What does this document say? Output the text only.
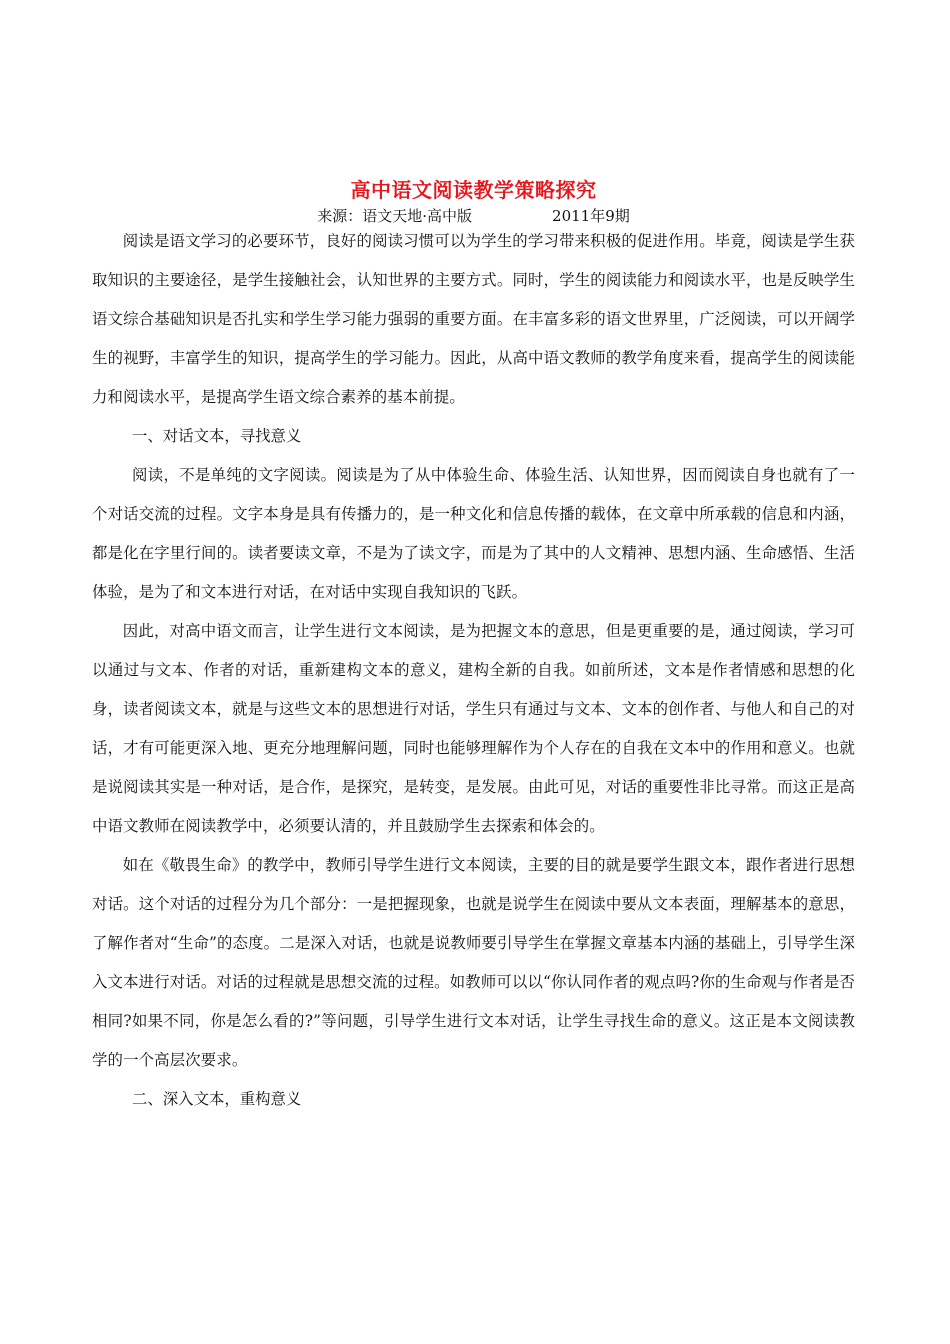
高中语文阅读教学策略探究

来源：语文天地·高中版	2011年9期

阅读是语文学习的必要环节，良好的阅读习惯可以为学生的学习带来积极的促进作用。毕竟，阅读是学生获取知识的主要途径，是学生接触社会，认知世界的主要方式。同时，学生的阅读能力和阅读水平，也是反映学生语文综合基础知识是否扎实和学生学习能力强弱的重要方面。在丰富多彩的语文世界里，广泛阅读，可以开阔学生的视野，丰富学生的知识，提高学生的学习能力。因此，从高中语文教师的教学角度来看，提高学生的阅读能力和阅读水平，是提高学生语文综合素养的基本前提。

一、对话文本，寻找意义

阅读，不是单纯的文字阅读。阅读是为了从中体验生命、体验生活、认知世界，因而阅读自身也就有了一个对话交流的过程。文字本身是具有传播力的，是一种文化和信息传播的载体，在文章中所承载的信息和内涵，都是化在字里行间的。读者要读文章，不是为了读文字，而是为了其中的人文精神、思想内涵、生命感悟、生活体验，是为了和文本进行对话，在对话中实现自我知识的飞跃。

因此，对高中语文而言，让学生进行文本阅读，是为把握文本的意思，但是更重要的是，通过阅读，学习可以通过与文本、作者的对话，重新建构文本的意义，建构全新的自我。如前所述，文本是作者情感和思想的化身，读者阅读文本，就是与这些文本的思想进行对话，学生只有通过与文本、文本的创作者、与他人和自己的对话，才有可能更深入地、更充分地理解问题，同时也能够理解作为个人存在的自我在文本中的作用和意义。也就是说阅读其实是一种对话，是合作，是探究，是转变，是发展。由此可见，对话的重要性非比寻常。而这正是高中语文教师在阅读教学中，必须要认清的，并且鼓励学生去探索和体会的。

如在《敬畏生命》的教学中，教师引导学生进行文本阅读，主要的目的就是要学生跟文本，跟作者进行思想对话。这个对话的过程分为几个部分：一是把握现象，也就是说学生在阅读中要从文本表面，理解基本的意思，了解作者对“生命”的态度。二是深入对话，也就是说教师要引导学生在掌握文章基本内涵的基础上，引导学生深入文本进行对话。对话的过程就是思想交流的过程。如教师可以以“你认同作者的观点吗?你的生命观与作者是否相同?如果不同，你是怎么看的?”等问题，引导学生进行文本对话，让学生寻找生命的意义。这正是本文阅读教学的一个高层次要求。

二、深入文本，重构意义
